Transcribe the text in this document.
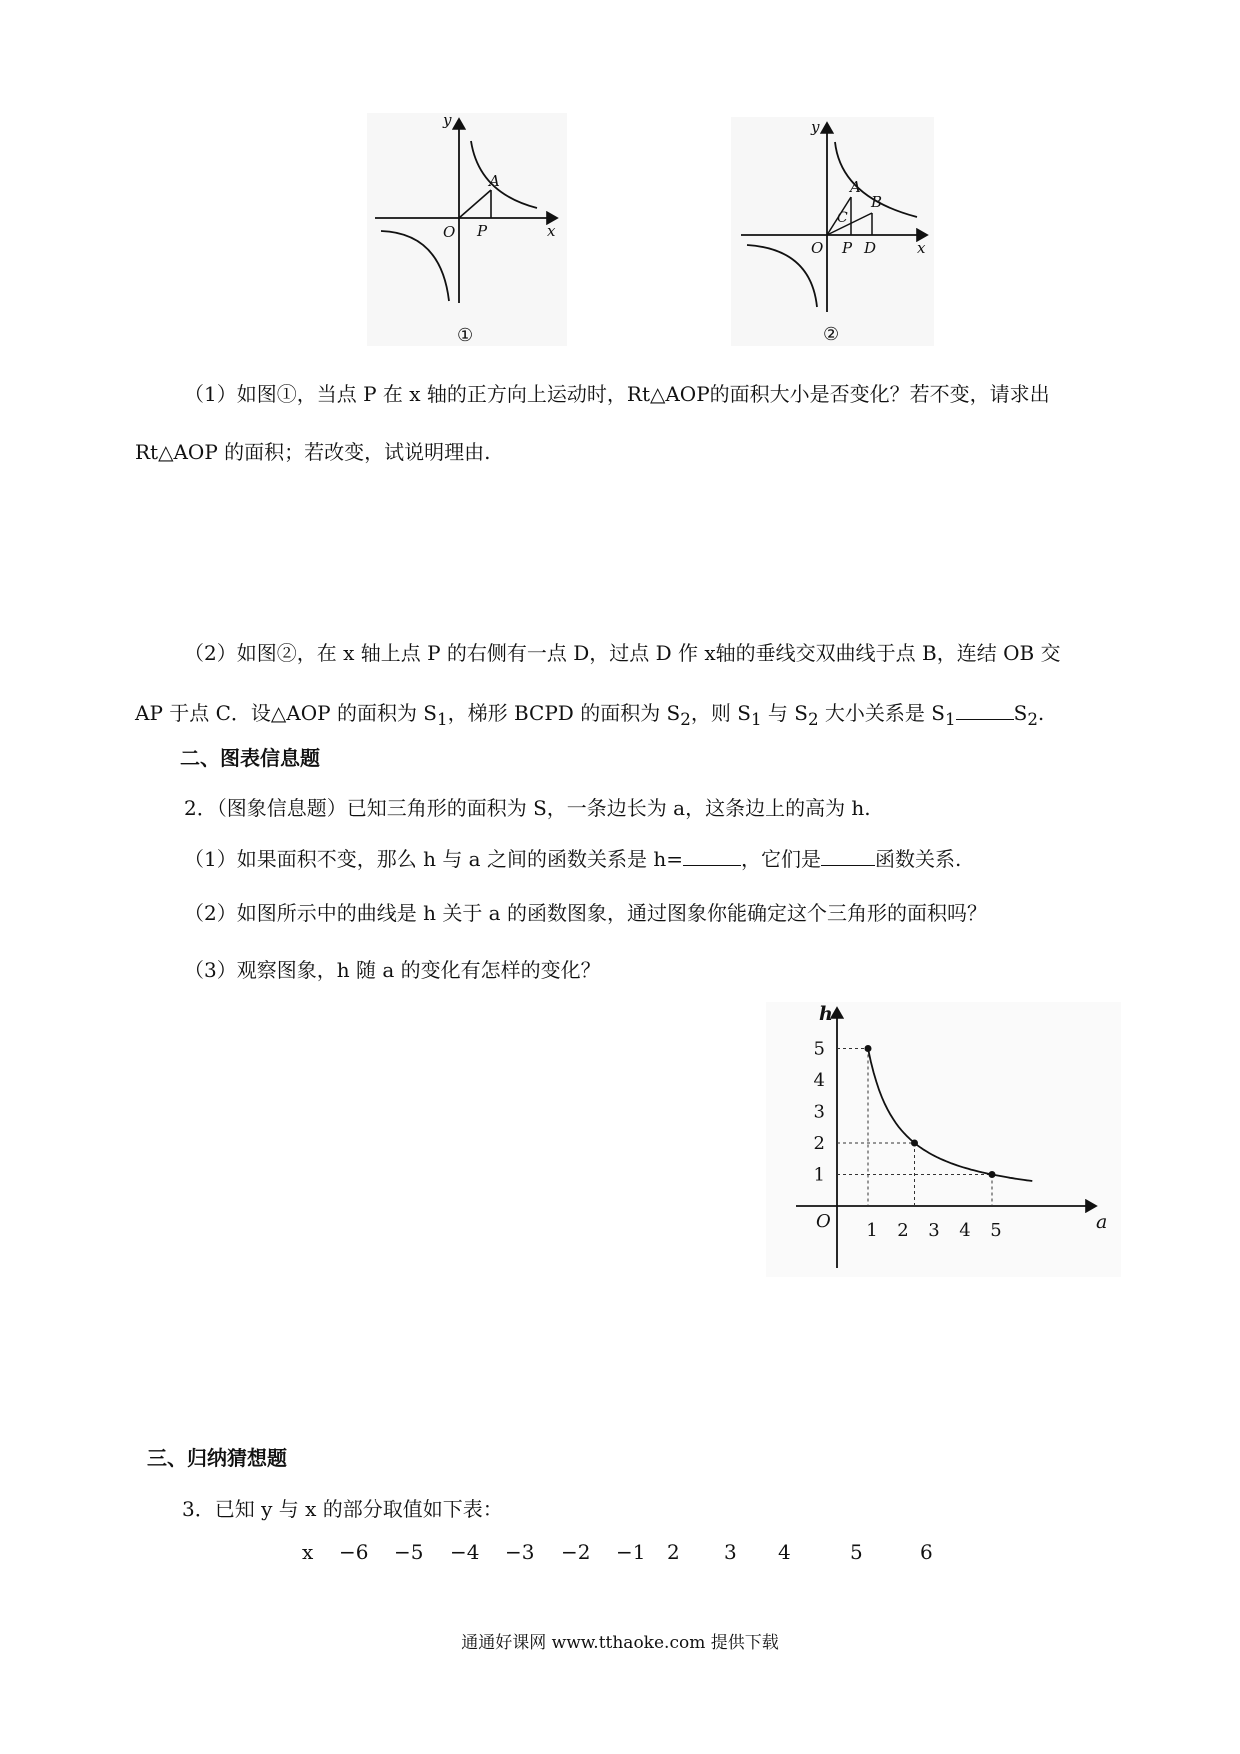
y
x
O
A
P
①
y
x
O
A
B
C
P D
②
（1）如图①，当点 P 在 x 轴的正方向上运动时，Rt△AOP的面积大小是否变化？若不变，请求出
Rt△AOP 的面积；若改变，试说明理由.
（2）如图②，在 x 轴上点 P 的右侧有一点 D，过点 D 作 x轴的垂线交双曲线于点 B，连结 OB 交
AP 于点 C．设△AOP 的面积为 $S_1$，梯形 BCPD 的面积为 $S_2$，则 $S_1$ 与 $S_2$ 大小关系是 $S_1$	$S_2$.
二、图表信息题
2．（图象信息题）已知三角形的面积为 S，一条边长为 a，这条边上的高为 h.
（1）如果面积不变，那么 h 与 a 之间的函数关系是 h=	，它们是	函数关系.
（2）如图所示中的曲线是 h 关于 a 的函数图象，通过图象你能确定这个三角形的面积吗？
（3）观察图象，h 随 a 的变化有怎样的变化？
1 2 3 4 5
1
2
3
4
5
h
a
O
三、归纳猜想题
3．已知 y 与 x 的部分取值如下表：
x −6 −5 −4 −3 −2 −1 2 3 4	5	6
通通好课网 www.tthaoke.com 提供下载
